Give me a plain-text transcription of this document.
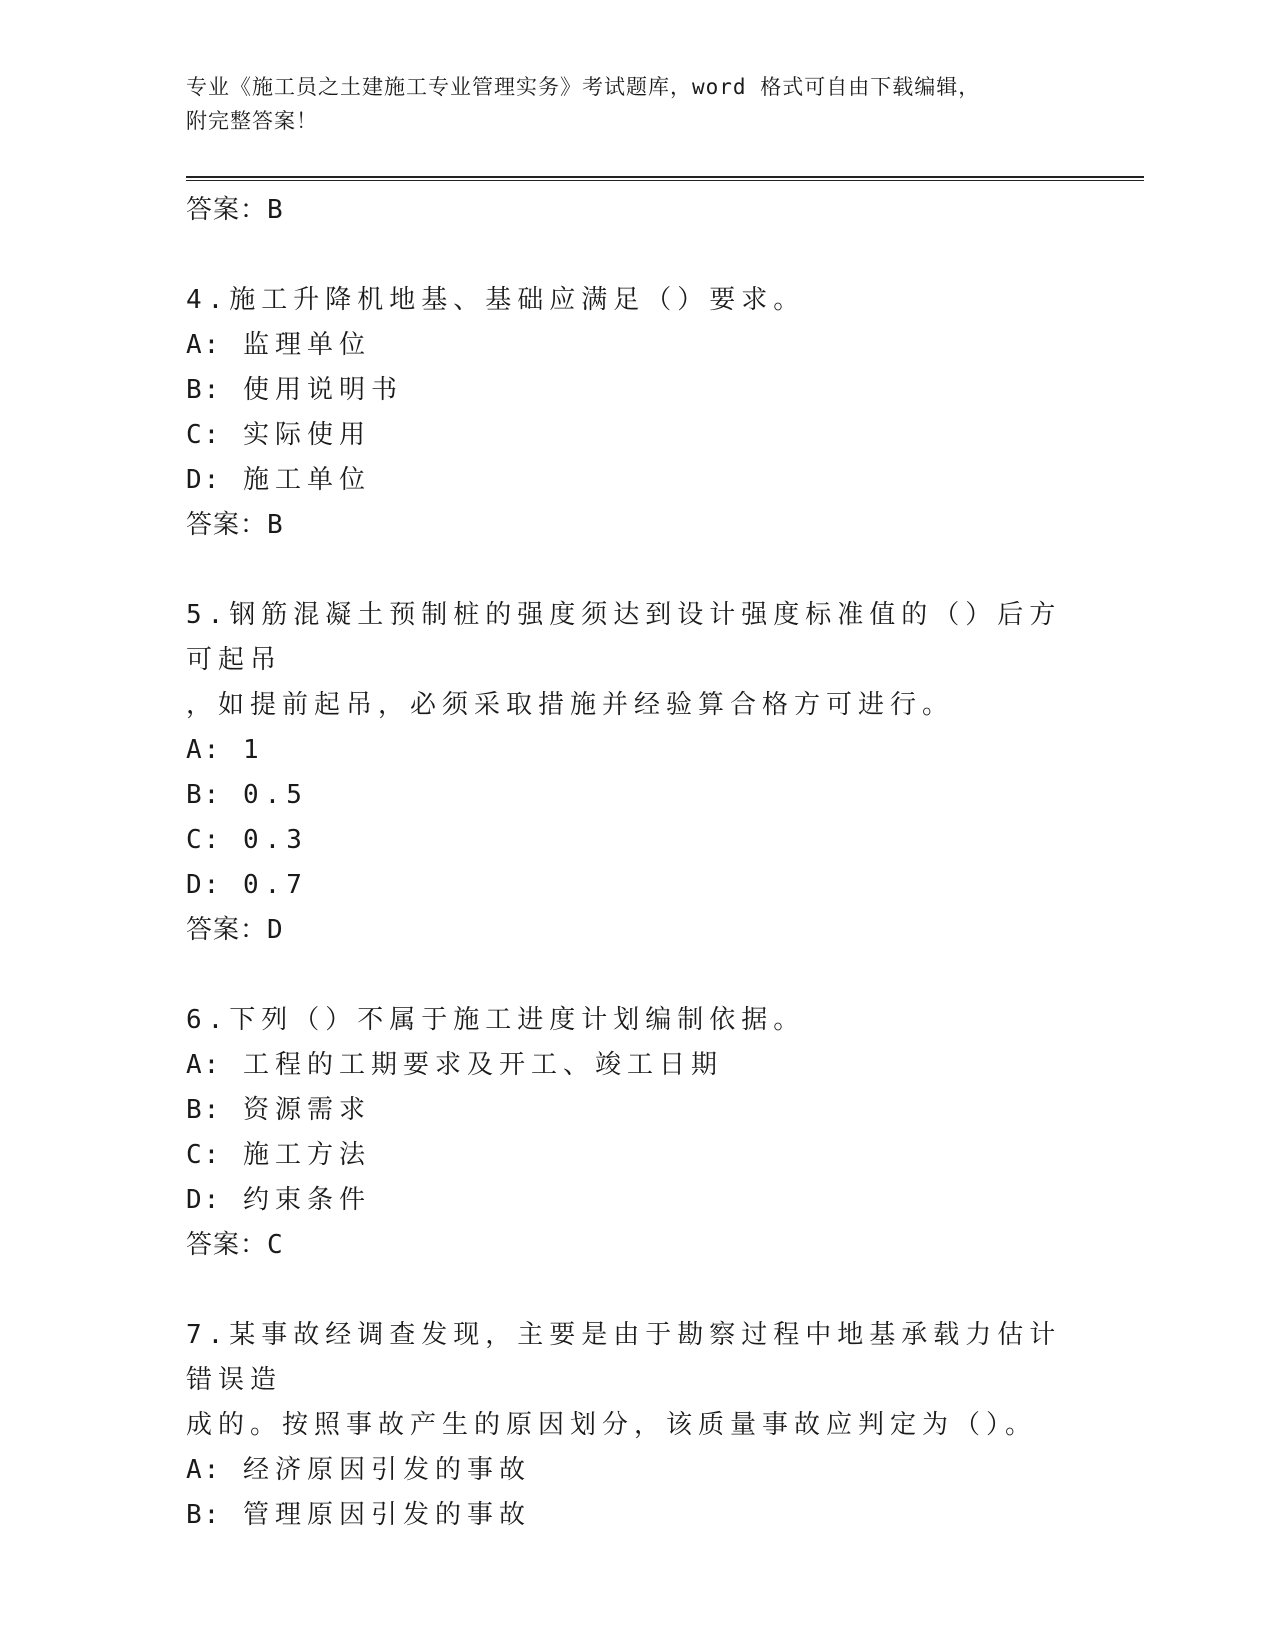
专业《施工员之土建施工专业管理实务》考试题库，word 格式可自由下载编辑，
附完整答案！

答案：B

4.施工升降机地基、基础应满足（）要求。

A: 监理单位

B: 使用说明书

C: 实际使用

D: 施工单位

答案：B

5.钢筋混凝土预制桩的强度须达到设计强度标准值的（）后方可起吊

，如提前起吊，必须采取措施并经验算合格方可进行。

A: 1

B: 0.5

C: 0.3

D: 0.7

答案：D

6.下列（）不属于施工进度计划编制依据。

A: 工程的工期要求及开工、竣工日期

B: 资源需求

C: 施工方法

D: 约束条件

答案：C

7.某事故经调查发现，主要是由于勘察过程中地基承载力估计错误造

成的。按照事故产生的原因划分，该质量事故应判定为（）。

A: 经济原因引发的事故

B: 管理原因引发的事故
